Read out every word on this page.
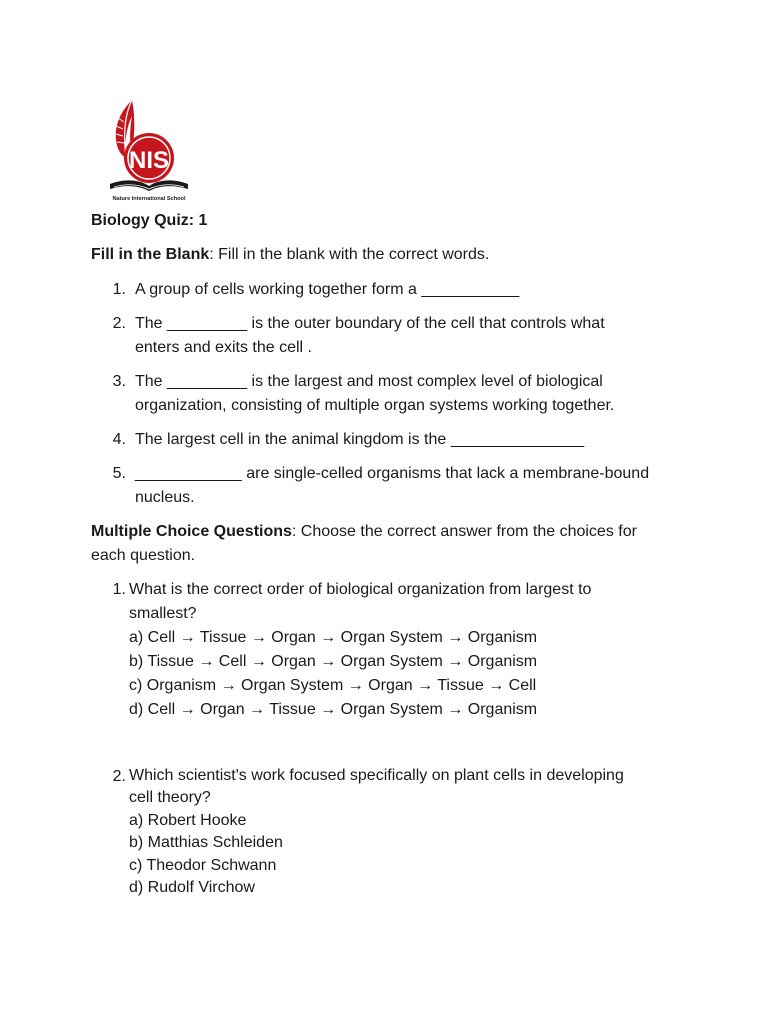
NIS
Nature International School
Biology Quiz: 1
Fill in the Blank: Fill in the blank with the correct words.
1. A group of cells working together form a ___________
2. The _________ is the outer boundary of the cell that controls what
enters and exits the cell .
3. The _________ is the largest and most complex level of biological
organization, consisting of multiple organ systems working together.
4. The largest cell in the animal kingdom is the _______________
5. ____________ are single-celled organisms that lack a membrane-bound
nucleus.
Multiple Choice Questions: Choose the correct answer from the choices for
each question.
1. What is the correct order of biological organization from largest to
smallest?
a) Cell → Tissue → Organ → Organ System → Organism
b) Tissue → Cell → Organ → Organ System → Organism
c) Organism → Organ System → Organ → Tissue → Cell
d) Cell → Organ → Tissue → Organ System → Organism
2. Which scientist's work focused specifically on plant cells in developing
cell theory?
a) Robert Hooke
b) Matthias Schleiden
c) Theodor Schwann
d) Rudolf Virchow
